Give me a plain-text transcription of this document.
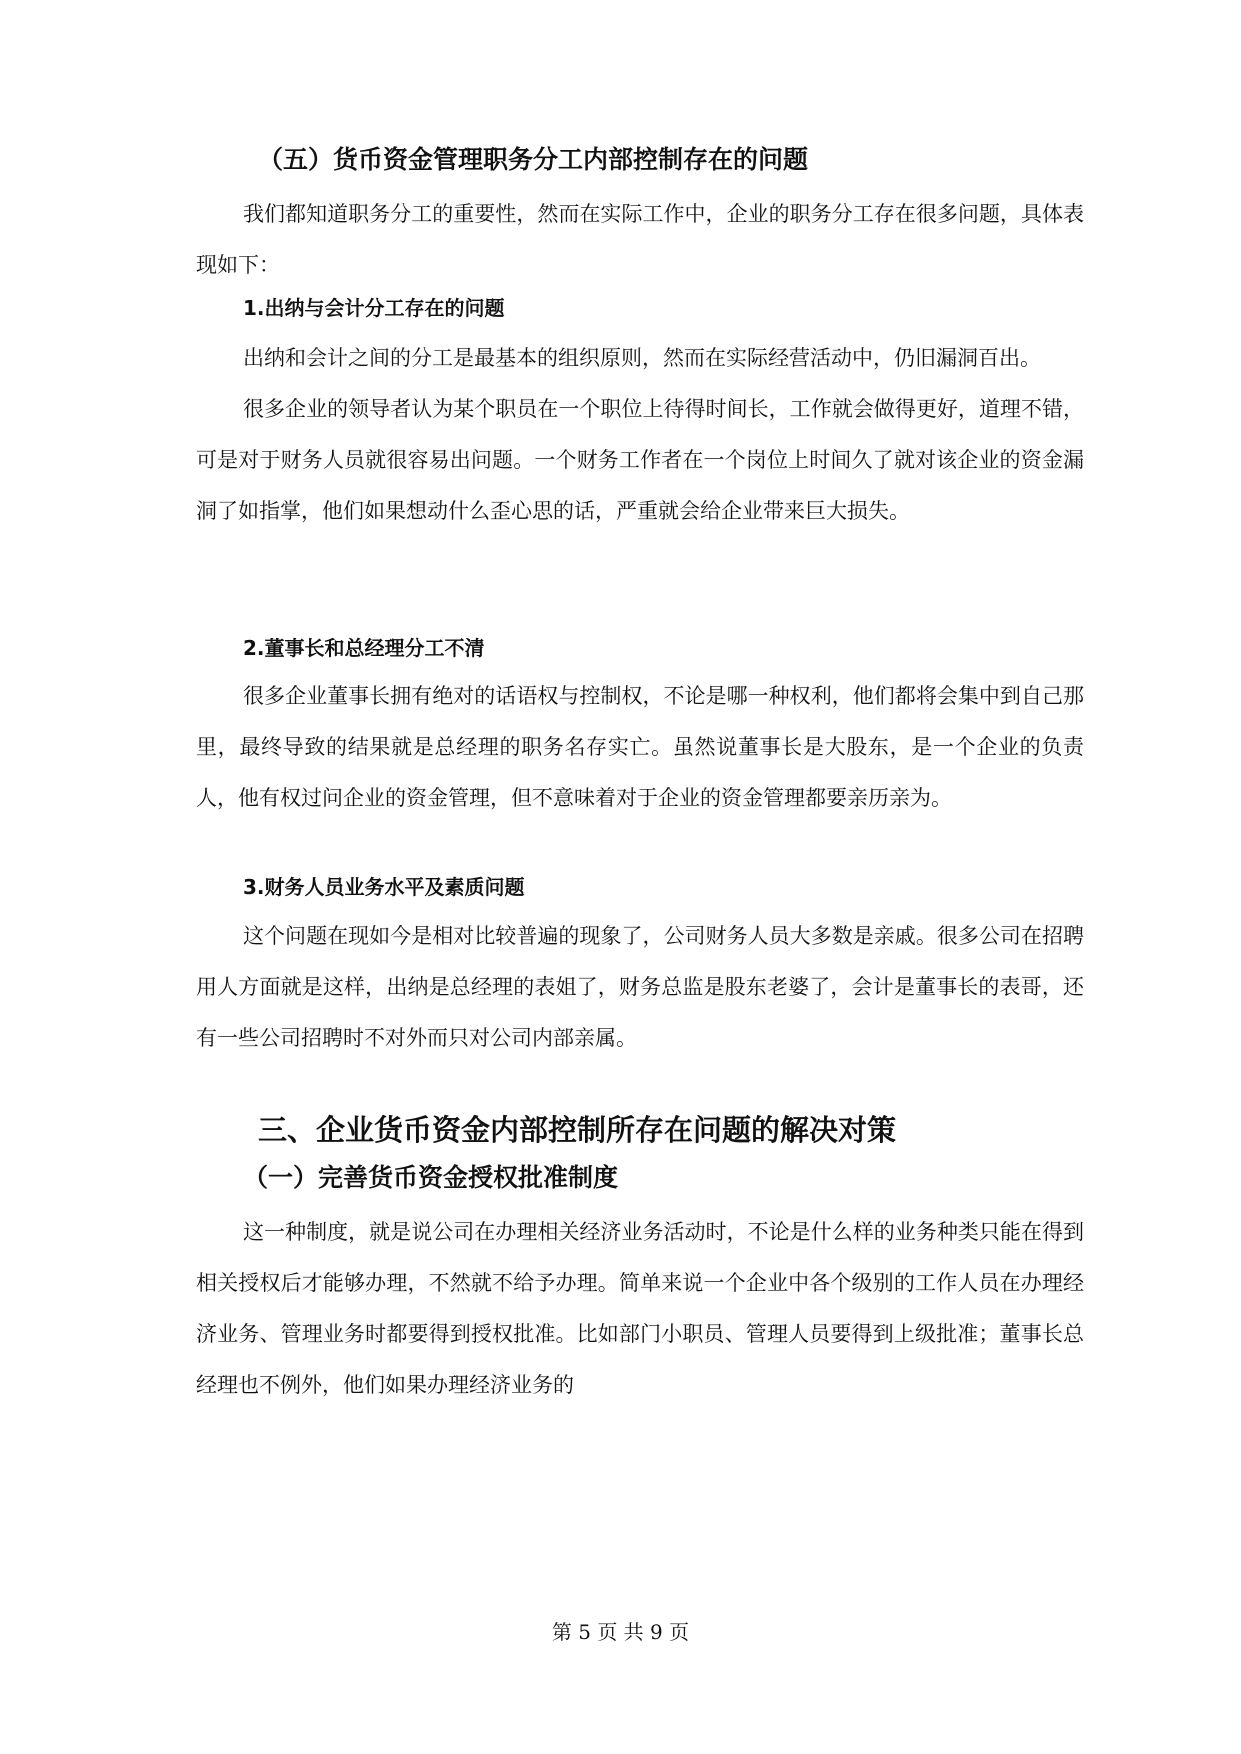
（五）货币资金管理职务分工内部控制存在的问题

我们都知道职务分工的重要性，然而在实际工作中，企业的职务分工存在很多问题，具体表现如下：

1.出纳与会计分工存在的问题

出纳和会计之间的分工是最基本的组织原则，然而在实际经营活动中，仍旧漏洞百出。

很多企业的领导者认为某个职员在一个职位上待得时间长，工作就会做得更好，道理不错，可是对于财务人员就很容易出问题。一个财务工作者在一个岗位上时间久了就对该企业的资金漏洞了如指掌，他们如果想动什么歪心思的话，严重就会给企业带来巨大损失。

2.董事长和总经理分工不清

很多企业董事长拥有绝对的话语权与控制权，不论是哪一种权利，他们都将会集中到自己那里，最终导致的结果就是总经理的职务名存实亡。虽然说董事长是大股东，是一个企业的负责人，他有权过问企业的资金管理，但不意味着对于企业的资金管理都要亲历亲为。

3.财务人员业务水平及素质问题

这个问题在现如今是相对比较普遍的现象了，公司财务人员大多数是亲戚。很多公司在招聘用人方面就是这样，出纳是总经理的表姐了，财务总监是股东老婆了，会计是董事长的表哥，还有一些公司招聘时不对外而只对公司内部亲属。

三、企业货币资金内部控制所存在问题的解决对策
（一）完善货币资金授权批准制度

这一种制度，就是说公司在办理相关经济业务活动时，不论是什么样的业务种类只能在得到相关授权后才能够办理，不然就不给予办理。简单来说一个企业中各个级别的工作人员在办理经济业务、管理业务时都要得到授权批准。比如部门小职员、管理人员要得到上级批准；董事长总经理也不例外，他们如果办理经济业务的

第 5 页 共 9 页
